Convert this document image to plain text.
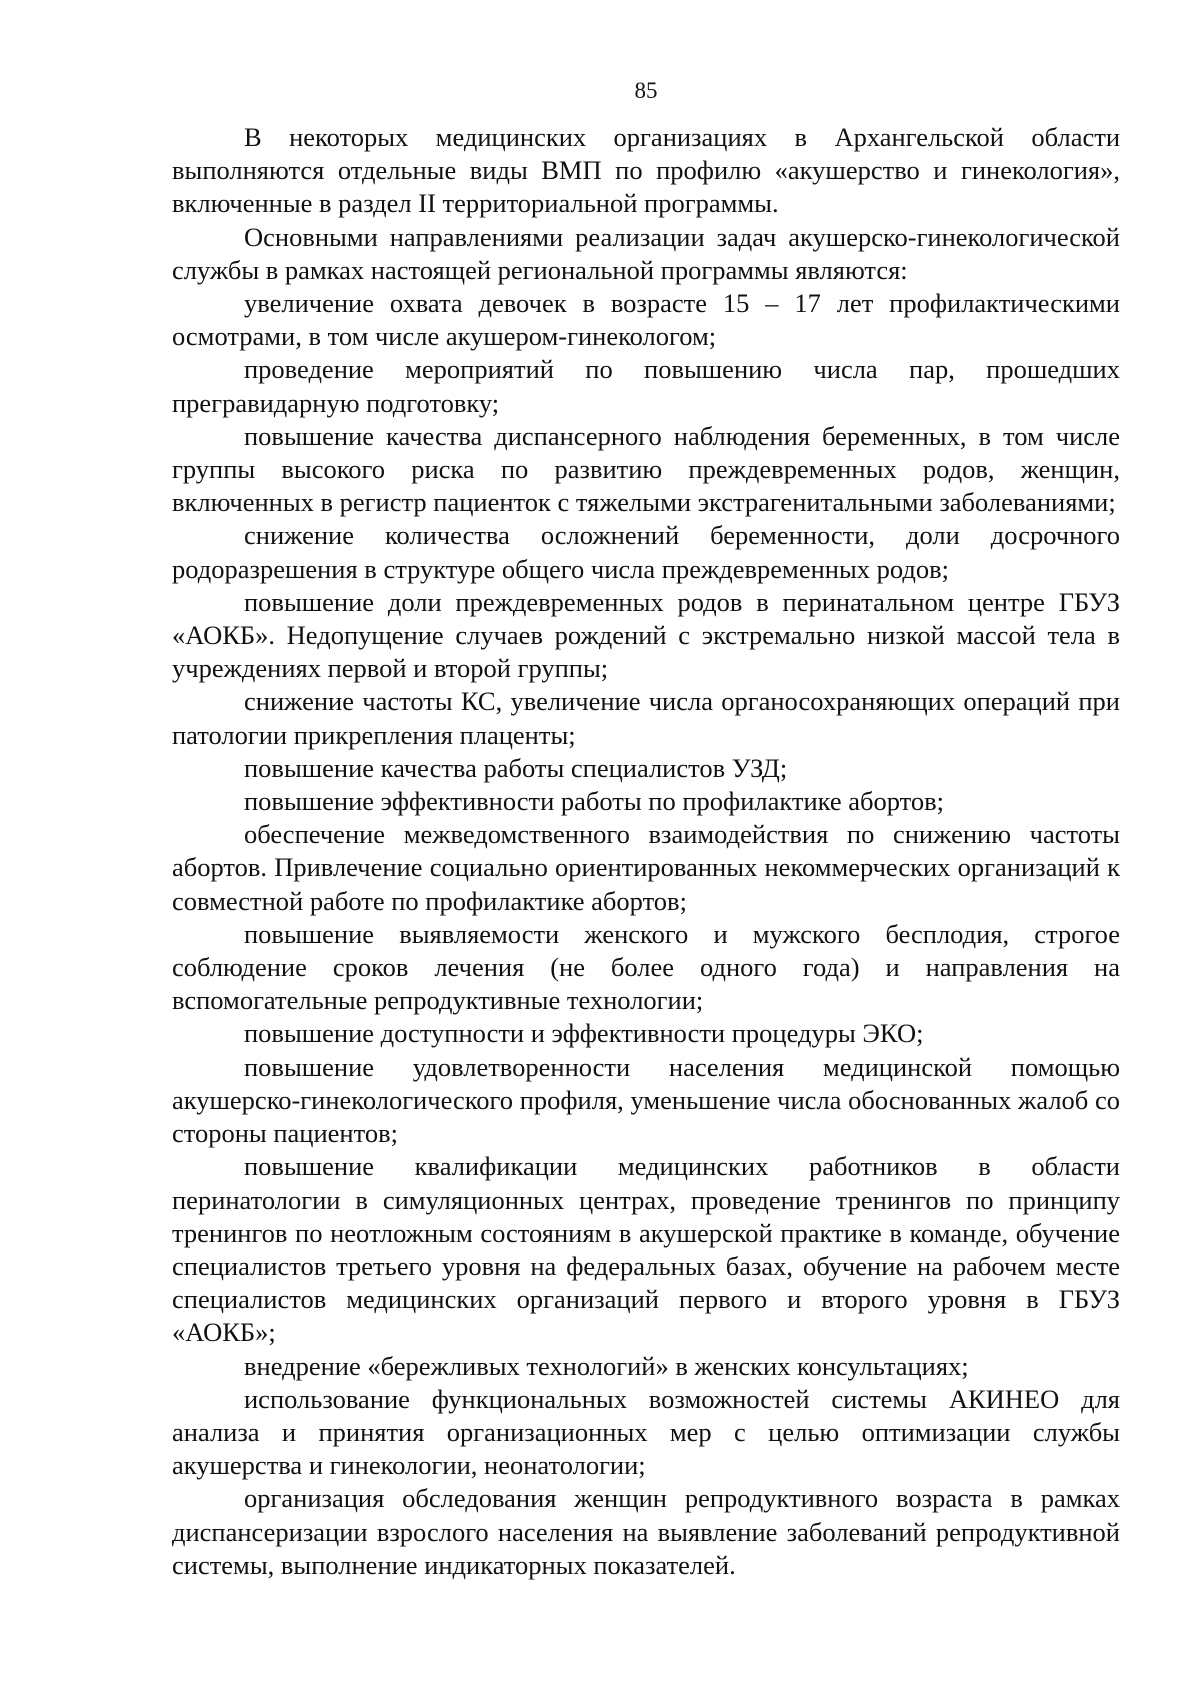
85

В некоторых медицинских организациях в Архангельской области выполняются отдельные виды ВМП по профилю «акушерство и гинекология», включенные в раздел II территориальной программы.

Основными направлениями реализации задач акушерско-гинекологической службы в рамках настоящей региональной программы являются:

увеличение охвата девочек в возрасте 15 – 17 лет профилактическими осмотрами, в том числе акушером-гинекологом;

проведение мероприятий по повышению числа пар, прошедших прегравидарную подготовку;

повышение качества диспансерного наблюдения беременных, в том числе группы высокого риска по развитию преждевременных родов, женщин, включенных в регистр пациенток с тяжелыми экстрагенитальными заболеваниями;

снижение количества осложнений беременности, доли досрочного родоразрешения в структуре общего числа преждевременных родов;

повышение доли преждевременных родов в перинатальном центре ГБУЗ «АОКБ». Недопущение случаев рождений с экстремально низкой массой тела в учреждениях первой и второй группы;

снижение частоты КС, увеличение числа органосохраняющих операций при патологии прикрепления плаценты;

повышение качества работы специалистов УЗД;

повышение эффективности работы по профилактике абортов;

обеспечение межведомственного взаимодействия по снижению частоты абортов. Привлечение социально ориентированных некоммерческих организаций к совместной работе по профилактике абортов;

повышение выявляемости женского и мужского бесплодия, строгое соблюдение сроков лечения (не более одного года) и направления на вспомогательные репродуктивные технологии;

повышение доступности и эффективности процедуры ЭКО;

повышение удовлетворенности населения медицинской помощью акушерско-гинекологического профиля, уменьшение числа обоснованных жалоб со стороны пациентов;

повышение квалификации медицинских работников в области перинатологии в симуляционных центрах, проведение тренингов по принципу тренингов по неотложным состояниям в акушерской практике в команде, обучение специалистов третьего уровня на федеральных базах, обучение на рабочем месте специалистов медицинских организаций первого и второго уровня в ГБУЗ «АОКБ»;

внедрение «бережливых технологий» в женских консультациях;

использование функциональных возможностей системы АКИНЕО для анализа и принятия организационных мер с целью оптимизации службы акушерства и гинекологии, неонатологии;

организация обследования женщин репродуктивного возраста в рамках диспансеризации взрослого населения на выявление заболеваний репродуктивной системы, выполнение индикаторных показателей.
